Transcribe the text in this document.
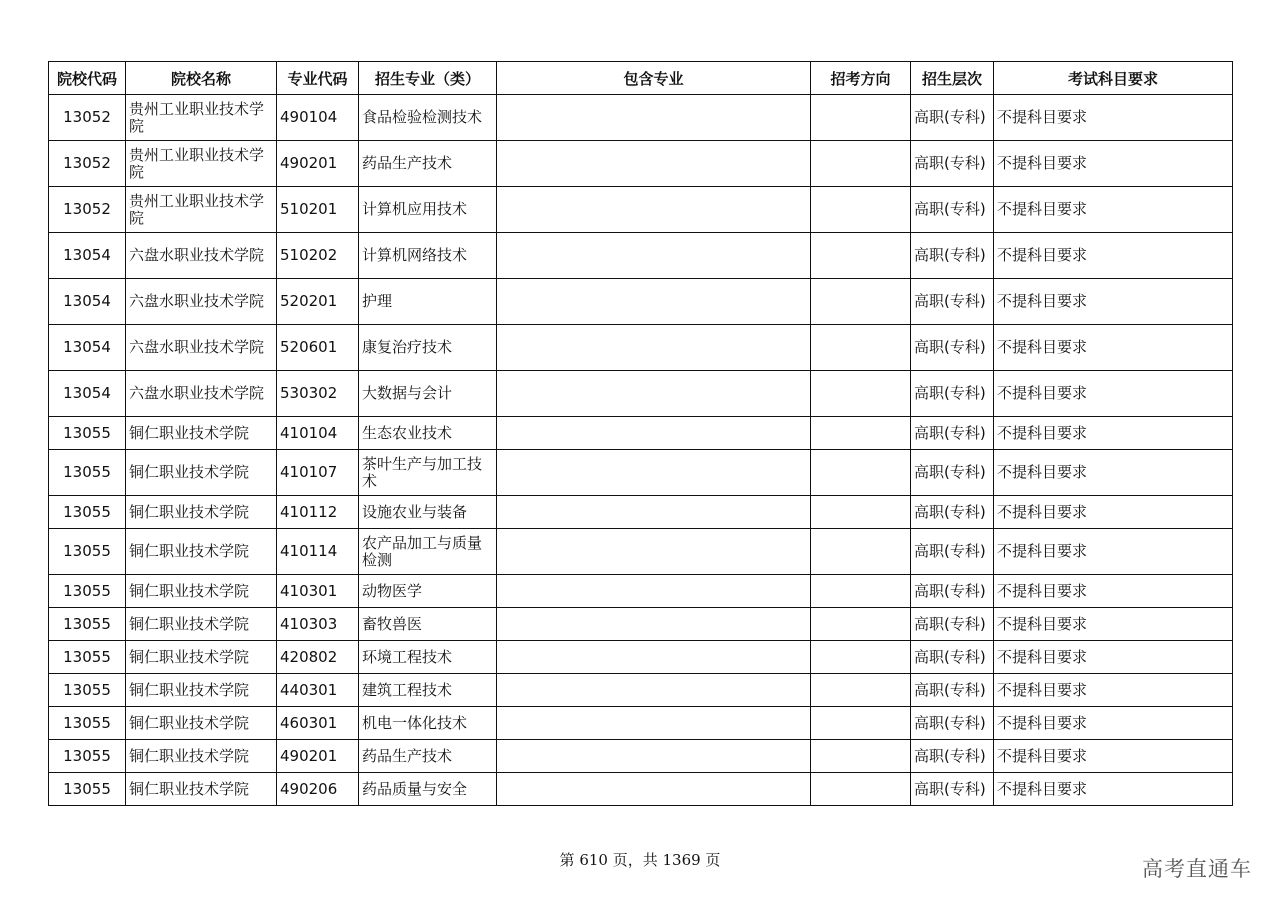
院校代码	院校名称	专业代码	招生专业（类）	包含专业	招考方向	招生层次	考试科目要求
13052	贵州工业职业技术学院	490104	食品检验检测技术			高职(专科)	不提科目要求
13052	贵州工业职业技术学院	490201	药品生产技术			高职(专科)	不提科目要求
13052	贵州工业职业技术学院	510201	计算机应用技术			高职(专科)	不提科目要求
13054	六盘水职业技术学院	510202	计算机网络技术			高职(专科)	不提科目要求
13054	六盘水职业技术学院	520201	护理			高职(专科)	不提科目要求
13054	六盘水职业技术学院	520601	康复治疗技术			高职(专科)	不提科目要求
13054	六盘水职业技术学院	530302	大数据与会计			高职(专科)	不提科目要求
13055	铜仁职业技术学院	410104	生态农业技术			高职(专科)	不提科目要求
13055	铜仁职业技术学院	410107	茶叶生产与加工技术			高职(专科)	不提科目要求
13055	铜仁职业技术学院	410112	设施农业与装备			高职(专科)	不提科目要求
13055	铜仁职业技术学院	410114	农产品加工与质量检测			高职(专科)	不提科目要求
13055	铜仁职业技术学院	410301	动物医学			高职(专科)	不提科目要求
13055	铜仁职业技术学院	410303	畜牧兽医			高职(专科)	不提科目要求
13055	铜仁职业技术学院	420802	环境工程技术			高职(专科)	不提科目要求
13055	铜仁职业技术学院	440301	建筑工程技术			高职(专科)	不提科目要求
13055	铜仁职业技术学院	460301	机电一体化技术			高职(专科)	不提科目要求
13055	铜仁职业技术学院	490201	药品生产技术			高职(专科)	不提科目要求
13055	铜仁职业技术学院	490206	药品质量与安全			高职(专科)	不提科目要求
第 610 页，共 1369 页	高考直通车
